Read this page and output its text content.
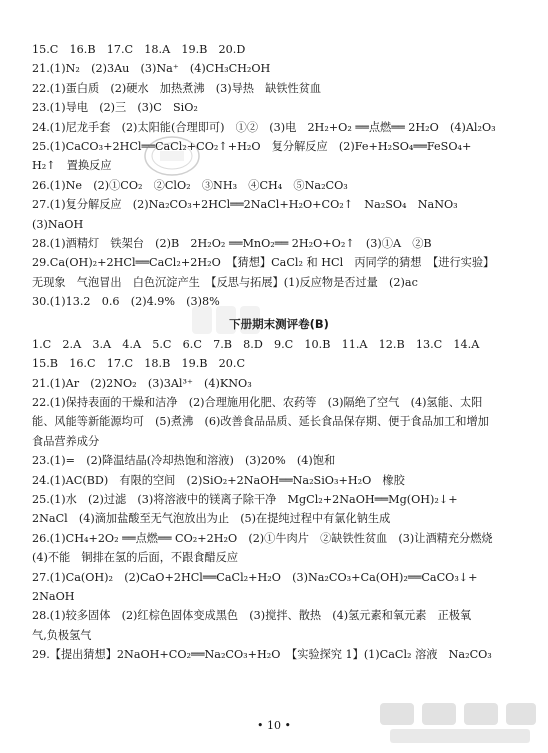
15.C　16.B　17.C　18.A　19.B　20.D
21.(1)N₂　(2)3Au　(3)Na⁺　(4)CH₃CH₂OH
22.(1)蛋白质　(2)硬水　加热煮沸　(3)导热　缺铁性贫血
23.(1)导电　(2)三　(3)C　SiO₂
24.(1)尼龙手套　(2)太阳能(合理即可)　①②　(3)电　2H₂+O₂ ══点燃══ 2H₂O　(4)Al₂O₃
25.(1)CaCO₃+2HCl══CaCl₂+CO₂↑+H₂O　复分解反应　(2)Fe+H₂SO₄══FeSO₄+
H₂↑　置换反应
26.(1)Ne　(2)①CO₂　②ClO₂　③NH₃　④CH₄　⑤Na₂CO₃
27.(1)复分解反应　(2)Na₂CO₃+2HCl══2NaCl+H₂O+CO₂↑　Na₂SO₄　NaNO₃
(3)NaOH
28.(1)酒精灯　铁架台　(2)B　2H₂O₂ ══MnO₂══ 2H₂O+O₂↑　(3)①A　②B
29.Ca(OH)₂+2HCl══CaCl₂+2H₂O　【猜想】CaCl₂ 和 HCl　丙同学的猜想　【进行实验】
无现象　气泡冒出　白色沉淀产生　【反思与拓展】(1)反应物是否过量　(2)ac
30.(1)13.2　0.6　(2)4.9%　(3)8%
下册期末测评卷(B)
1.C　2.A　3.A　4.A　5.C　6.C　7.B　8.D　9.C　10.B　11.A　12.B　13.C　14.A
15.B　16.C　17.C　18.B　19.B　20.C
21.(1)Ar　(2)2NO₂　(3)3Al³⁺　(4)KNO₃
22.(1)保持表面的干燥和洁净　(2)合理施用化肥、农药等　(3)隔绝了空气　(4)氢能、太阳
能、风能等新能源均可　(5)煮沸　(6)改善食品品质、延长食品保存期、便于食品加工和增加
食品营养成分
23.(1)=　(2)降温结晶(冷却热饱和溶液)　(3)20%　(4)饱和
24.(1)AC(BD)　有限的空间　(2)SiO₂+2NaOH══Na₂SiO₃+H₂O　橡胶
25.(1)水　(2)过滤　(3)将溶液中的镁离子除干净　MgCl₂+2NaOH══Mg(OH)₂↓+
2NaCl　(4)滴加盐酸至无气泡放出为止　(5)在提纯过程中有氯化钠生成
26.(1)CH₄+2O₂ ══点燃══ CO₂+2H₂O　(2)①牛肉片　②缺铁性贫血　(3)让酒精充分燃烧
(4)不能　铜排在氢的后面，不跟食醋反应
27.(1)Ca(OH)₂　(2)CaO+2HCl══CaCl₂+H₂O　(3)Na₂CO₃+Ca(OH)₂══CaCO₃↓+
2NaOH
28.(1)较多固体　(2)红棕色固体变成黑色　(3)搅拌、散热　(4)氢元素和氧元素　正极氧
气,负极氢气
29.【提出猜想】2NaOH+CO₂══Na₂CO₃+H₂O　【实验探究 1】(1)CaCl₂ 溶液　Na₂CO₃
• 10 •
